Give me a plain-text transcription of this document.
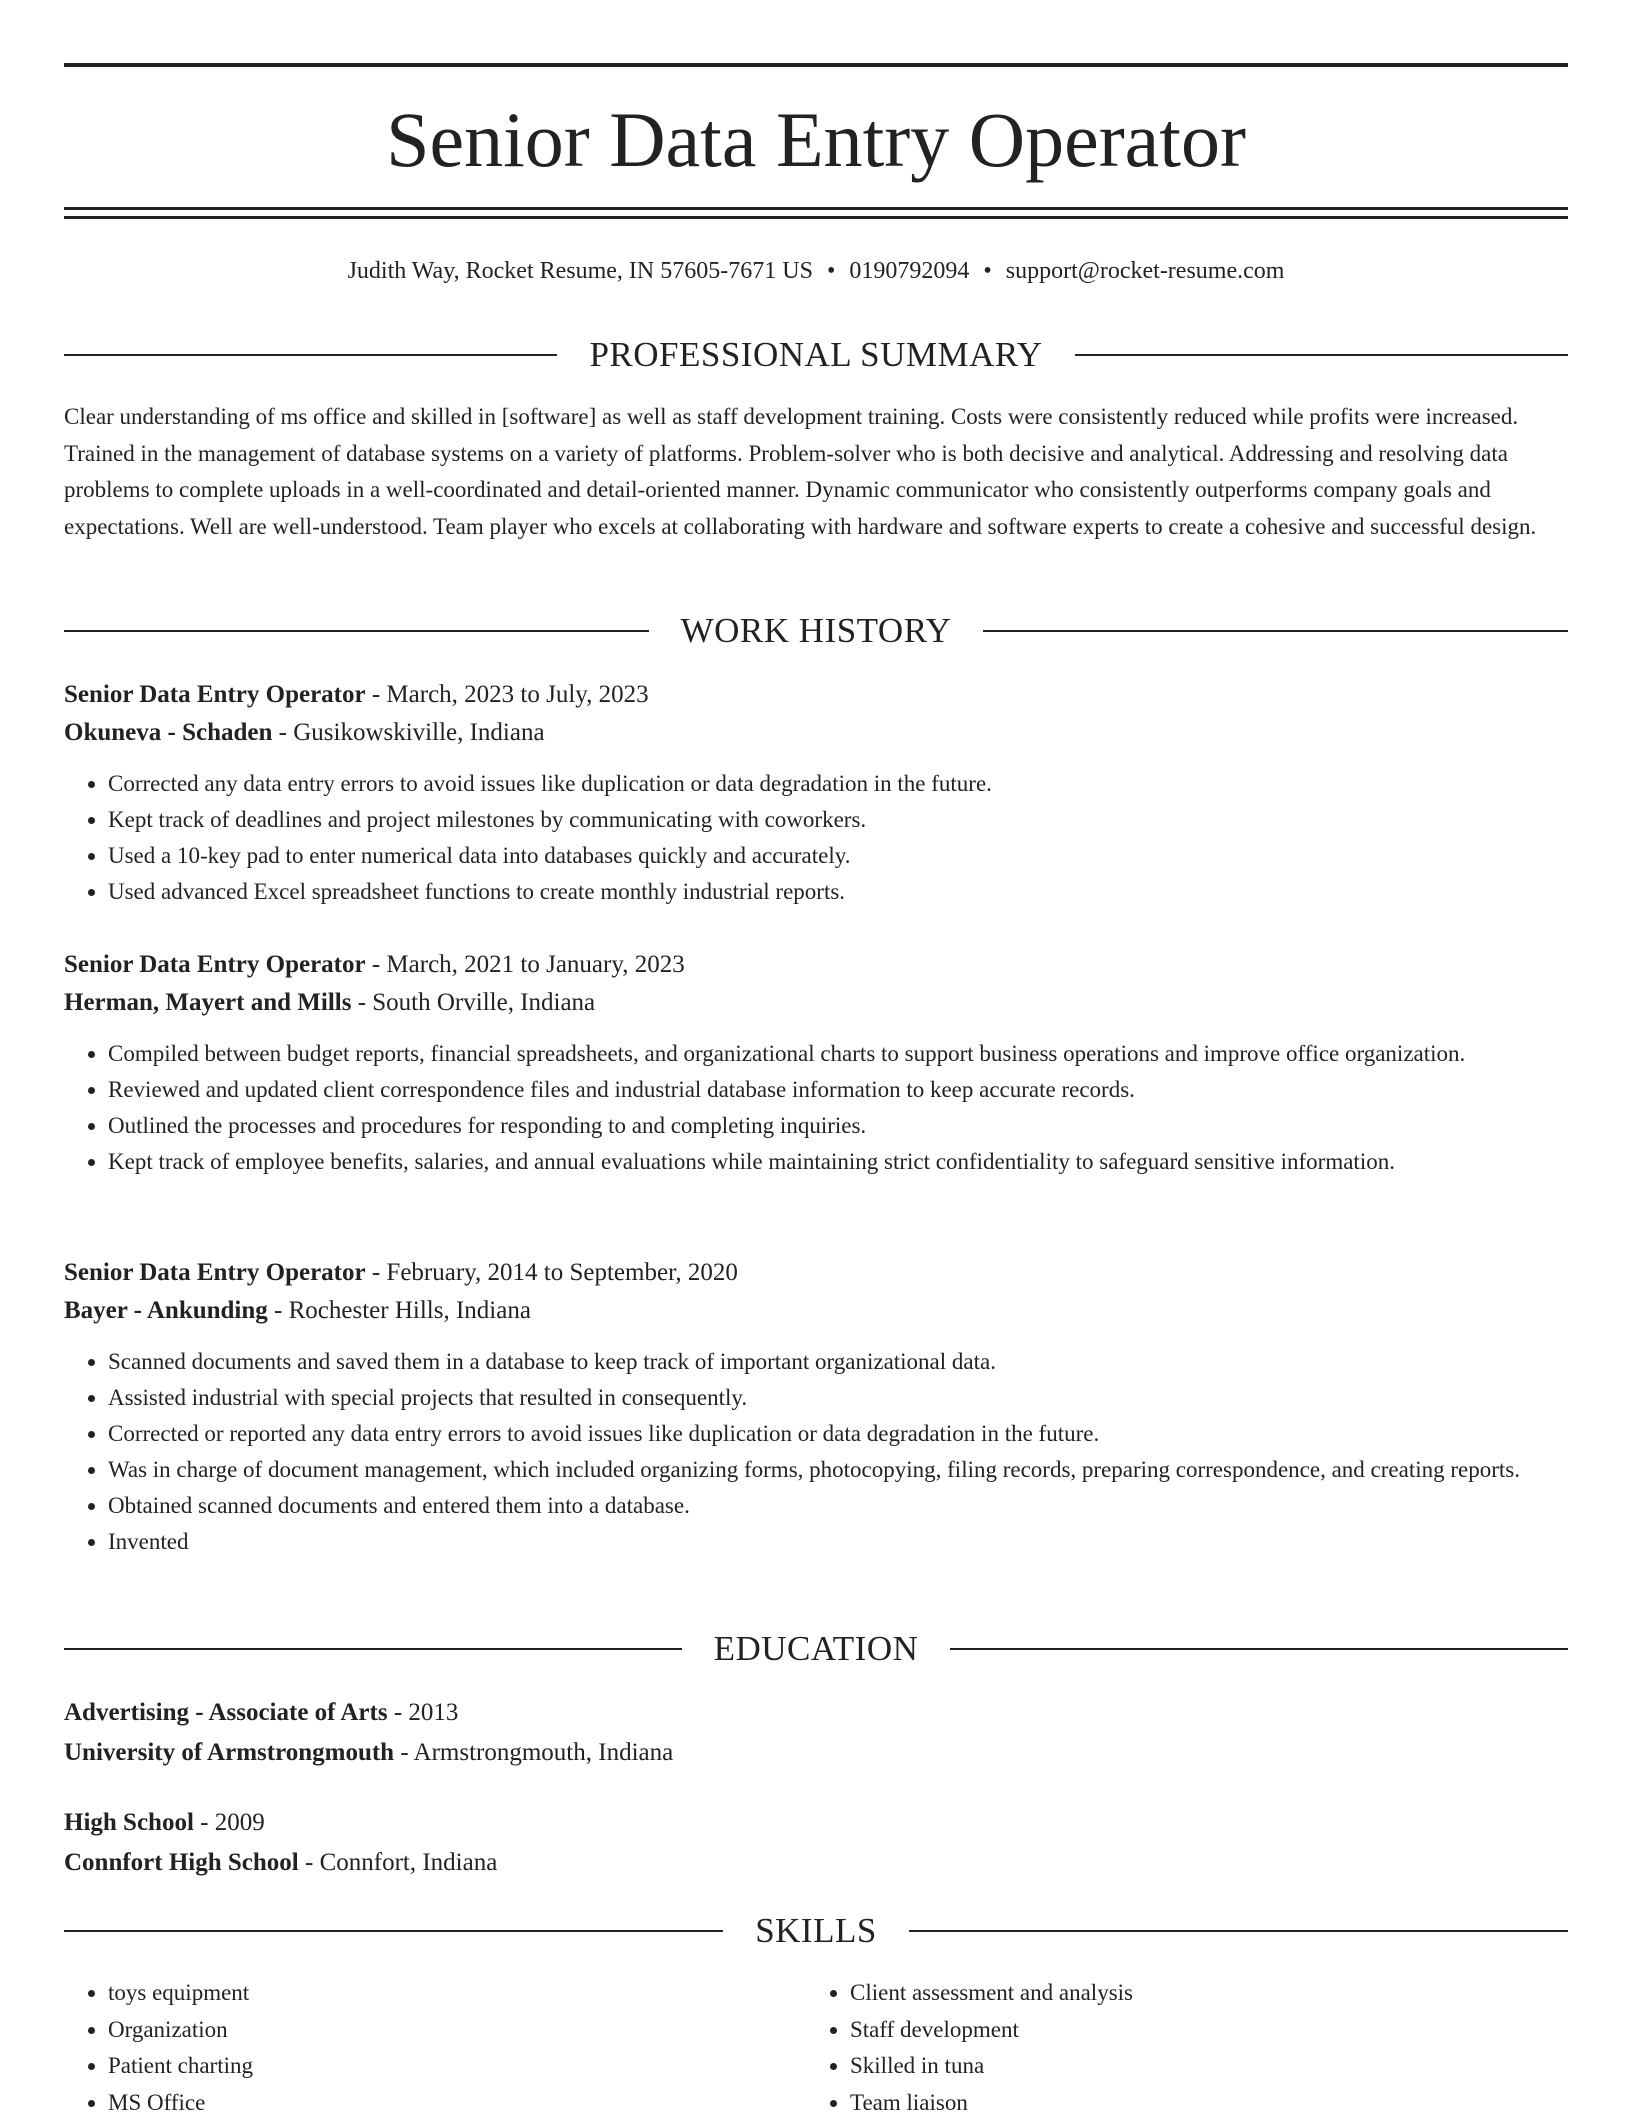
Senior Data Entry Operator
Judith Way, Rocket Resume, IN 57605-7671 US • 0190792094 • support@rocket-resume.com
PROFESSIONAL SUMMARY

Clear understanding of ms office and skilled in [software] as well as staff development training. Costs were consistently reduced while profits were increased. Trained in the management of database systems on a variety of platforms. Problem-solver who is both decisive and analytical. Addressing and resolving data problems to complete uploads in a well-coordinated and detail-oriented manner. Dynamic communicator who consistently outperforms company goals and expectations. Well are well-understood. Team player who excels at collaborating with hardware and software experts to create a cohesive and successful design.

WORK HISTORY

Senior Data Entry Operator - March, 2023 to July, 2023

Okuneva - Schaden - Gusikowskiville, Indiana

• Corrected any data entry errors to avoid issues like duplication or data degradation in the future.
• Kept track of deadlines and project milestones by communicating with coworkers.
• Used a 10-key pad to enter numerical data into databases quickly and accurately.
• Used advanced Excel spreadsheet functions to create monthly industrial reports.

Senior Data Entry Operator - March, 2021 to January, 2023

Herman, Mayert and Mills - South Orville, Indiana

• Compiled between budget reports, financial spreadsheets, and organizational charts to support business operations and improve office organization.
• Reviewed and updated client correspondence files and industrial database information to keep accurate records.
• Outlined the processes and procedures for responding to and completing inquiries.
• Kept track of employee benefits, salaries, and annual evaluations while maintaining strict confidentiality to safeguard sensitive information.

Senior Data Entry Operator - February, 2014 to September, 2020

Bayer - Ankunding - Rochester Hills, Indiana

• Scanned documents and saved them in a database to keep track of important organizational data.
• Assisted industrial with special projects that resulted in consequently.
• Corrected or reported any data entry errors to avoid issues like duplication or data degradation in the future.
• Was in charge of document management, which included organizing forms, photocopying, filing records, preparing correspondence, and creating reports.
• Obtained scanned documents and entered them into a database.
• Invented
EDUCATION

Advertising - Associate of Arts - 2013

University of Armstrongmouth - Armstrongmouth, Indiana

High School - 2009

Connfort High School - Connfort, Indiana

SKILLS
• toys equipment
• Organization
• Patient charting
• MS Office
• Client assessment and analysis
• Staff development
• Skilled in tuna
• Team liaison
